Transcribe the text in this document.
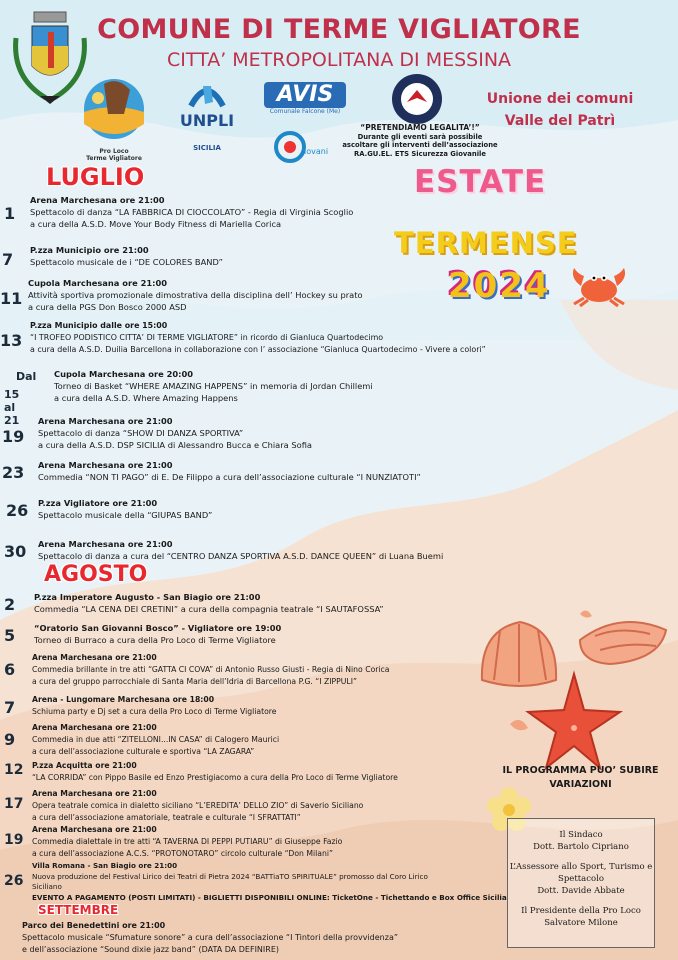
COMUNE DI TERME VIGLIATORE
CITTA’ METROPOLITANA DI MESSINA
Pro Loco
Terme Vigliatore
UNPLI
SICILIA
AVIS
Comunale Falcone (Me)
iovani
“PRETENDIAMO LEGALITA’!”
Durante gli eventi sarà possibile
ascoltare gli interventi dell’associazione
RA.GU.EL. ETS Sicurezza Giovanile
Unione dei comuni
Valle del Patrì
ESTATE
TERMENSE
2024
LUGLIO
AGOSTO
SETTEMBRE
1
Arena Marchesana ore 21:00
Spettacolo di danza “LA FABBRICA DI CIOCCOLATO” - Regia di Virginia Scoglio
a cura della A.S.D. Move Your Body Fitness di Mariella Corica
7 P.zza Municipio ore 21:00
Spettacolo musicale de i “DE COLORES BAND”
11
Cupola Marchesana ore 21:00
Attività sportiva promozionale dimostrativa della disciplina dell’ Hockey su prato
a cura della PGS Don Bosco 2000 ASD
13
P.zza Municipio dalle ore 15:00
“I TROFEO PODISTICO CITTA’ DI TERME VIGLIATORE” in ricordo di Gianluca Quartodecimo
a cura della A.S.D. Duilia Barcellona in collaborazione con l’ associazione “Gianluca Quartodecimo - Vivere a colori”
Dal
15 al 21
Cupola Marchesana ore 20:00
Torneo di Basket “WHERE AMAZING HAPPENS” in memoria di Jordan Chillemi
a cura della A.S.D. Where Amazing Happens
19
Arena Marchesana ore 21:00
Spettacolo di danza “SHOW DI DANZA SPORTIVA”
a cura della A.S.D. DSP SICILIA di Alessandro Bucca e Chiara Sofia
23 Arena Marchesana ore 21:00
Commedia “NON TI PAGO” di E. De Filippo a cura dell’associazione culturale “I NUNZIATOTI”
26 P.zza Vigliatore ore 21:00
Spettacolo musicale della “GIUPAS BAND”
30 Arena Marchesana ore 21:00
Spettacolo di danza a cura del “CENTRO DANZA SPORTIVA A.S.D. DANCE QUEEN” di Luana Buemi
2 P.zza Imperatore Augusto - San Biagio ore 21:00
Commedia “LA CENA DEI CRETINI” a cura della compagnia teatrale “I SAUTAFOSSA”
5 “Oratorio San Giovanni Bosco” - Vigliatore ore 19:00
Torneo di Burraco a cura della Pro Loco di Terme Vigliatore
6
Arena Marchesana ore 21:00
Commedia brillante in tre atti “GATTA CI COVA” di Antonio Russo Giusti - Regia di Nino Corica
a cura del gruppo parrocchiale di Santa Maria dell’Idria di Barcellona P.G. “I ZIPPULI”
7 Arena - Lungomare Marchesana ore 18:00
Schiuma party e Dj set a cura della Pro Loco di Terme Vigliatore
9
Arena Marchesana ore 21:00
Commedia in due atti “ZITELLONI...IN CASA” di Calogero Maurici
a cura dell’associazione culturale e sportiva “LA ZAGARA”
12 P.zza Acquitta ore 21:00
“LA CORRIDA” con Pippo Basile ed Enzo Prestigiacomo a cura della Pro Loco di Terme Vigliatore
17
Arena Marchesana ore 21:00
Opera teatrale comica in dialetto siciliano “L’EREDITA’ DELLO ZIO” di Saverio Siciliano
a cura dell’associazione amatoriale, teatrale e culturale “I SFRATTATI”
19
Arena Marchesana ore 21:00
Commedia dialettale in tre atti “A TAVERNA DI PEPPI PUTIARU” di Giuseppe Fazio
a cura dell’associazione A.C.S. “PROTONOTARO” circolo culturale “Don Milani”
26
Villa Romana - San Biagio ore 21:00
Nuova produzione del Festival Lirico dei Teatri di Pietra 2024 “BATTiaTO SPIRITUALE” promosso dal Coro Lirico
Siciliano
EVENTO A PAGAMENTO (POSTI LIMITATI) - BIGLIETTI DISPONIBILI ONLINE: TicketOne - Tichettando e Box Office Sicilia
Parco dei Benedettini ore 21:00
Spettacolo musicale “Sfumature sonore” a cura dell’associazione “I Tintori della provvidenza”
e dell’associazione “Sound dixie jazz band” (DATA DA DEFINIRE)
IL PROGRAMMA PUO’ SUBIRE
VARIAZIONI

Il Sindaco
Dott. Bartolo Cipriano

L’Assessore allo Sport, Turismo e Spettacolo
Dott. Davide Abbate

Il Presidente della Pro Loco
Salvatore Milone
